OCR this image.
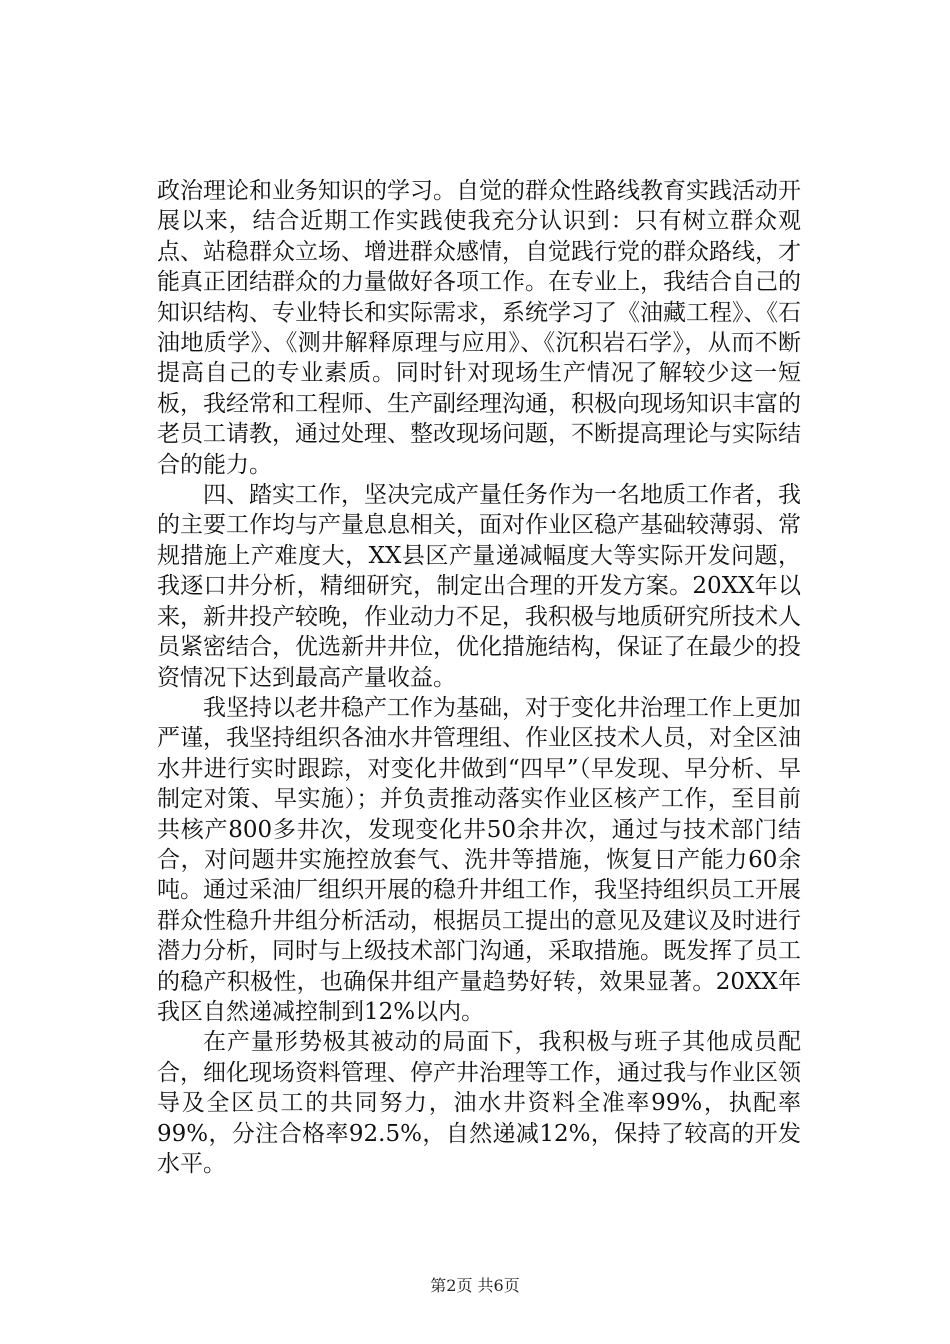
政治理论和业务知识的学习。自觉的群众性路线教育实践活动开展以来，结合近期工作实践使我充分认识到：只有树立群众观点、站稳群众立场、增进群众感情，自觉践行党的群众路线，才能真正团结群众的力量做好各项工作。在专业上，我结合自己的知识结构、专业特长和实际需求，系统学习了《油藏工程》、《石油地质学》、《测井解释原理与应用》、《沉积岩石学》，从而不断提高自己的专业素质。同时针对现场生产情况了解较少这一短板，我经常和工程师、生产副经理沟通，积极向现场知识丰富的老员工请教，通过处理、整改现场问题，不断提高理论与实际结合的能力。

四、踏实工作，坚决完成产量任务作为一名地质工作者，我的主要工作均与产量息息相关，面对作业区稳产基础较薄弱、常规措施上产难度大，XX县区产量递减幅度大等实际开发问题，我逐口井分析，精细研究，制定出合理的开发方案。20XX年以来，新井投产较晚，作业动力不足，我积极与地质研究所技术人员紧密结合，优选新井井位，优化措施结构，保证了在最少的投资情况下达到最高产量收益。

我坚持以老井稳产工作为基础，对于变化井治理工作上更加严谨，我坚持组织各油水井管理组、作业区技术人员，对全区油水井进行实时跟踪，对变化井做到“四早”（早发现、早分析、早制定对策、早实施）；并负责推动落实作业区核产工作，至目前共核产800多井次，发现变化井50余井次，通过与技术部门结合，对问题井实施控放套气、洗井等措施，恢复日产能力60余吨。通过采油厂组织开展的稳升井组工作，我坚持组织员工开展群众性稳升井组分析活动，根据员工提出的意见及建议及时进行潜力分析，同时与上级技术部门沟通，采取措施。既发挥了员工的稳产积极性，也确保井组产量趋势好转，效果显著。20XX年我区自然递减控制到12%以内。

在产量形势极其被动的局面下，我积极与班子其他成员配合，细化现场资料管理、停产井治理等工作，通过我与作业区领导及全区员工的共同努力，油水井资料全准率99%，执配率99%，分注合格率92.5%，自然递减12%，保持了较高的开发水平。

第2页 共6页
